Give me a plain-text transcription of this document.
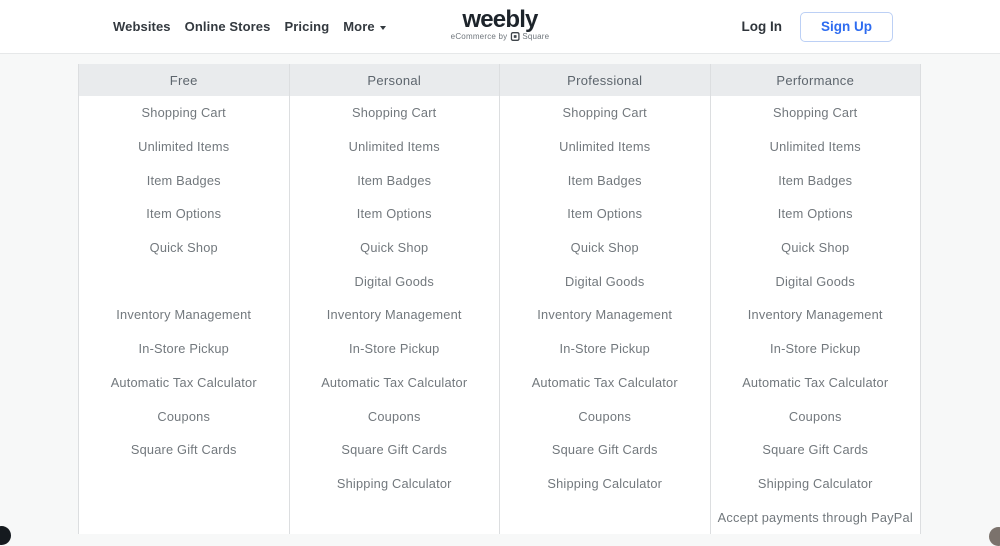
Websites Online Stores Pricing More	weebly
eCommerce by Square
Log In	Sign Up
Free
Shopping Cart
Unlimited Items
Item Badges
Item Options
Quick Shop
Inventory Management
In-Store Pickup
Automatic Tax Calculator
Coupons
Square Gift Cards
Personal
Shopping Cart
Unlimited Items
Item Badges
Item Options
Quick Shop
Digital Goods
Inventory Management
In-Store Pickup
Automatic Tax Calculator
Coupons
Square Gift Cards
Shipping Calculator
Professional
Shopping Cart
Unlimited Items
Item Badges
Item Options
Quick Shop
Digital Goods
Inventory Management
In-Store Pickup
Automatic Tax Calculator
Coupons
Square Gift Cards
Shipping Calculator
Performance
Shopping Cart
Unlimited Items
Item Badges
Item Options
Quick Shop
Digital Goods
Inventory Management
In-Store Pickup
Automatic Tax Calculator
Coupons
Square Gift Cards
Shipping Calculator
Accept payments through PayPal
